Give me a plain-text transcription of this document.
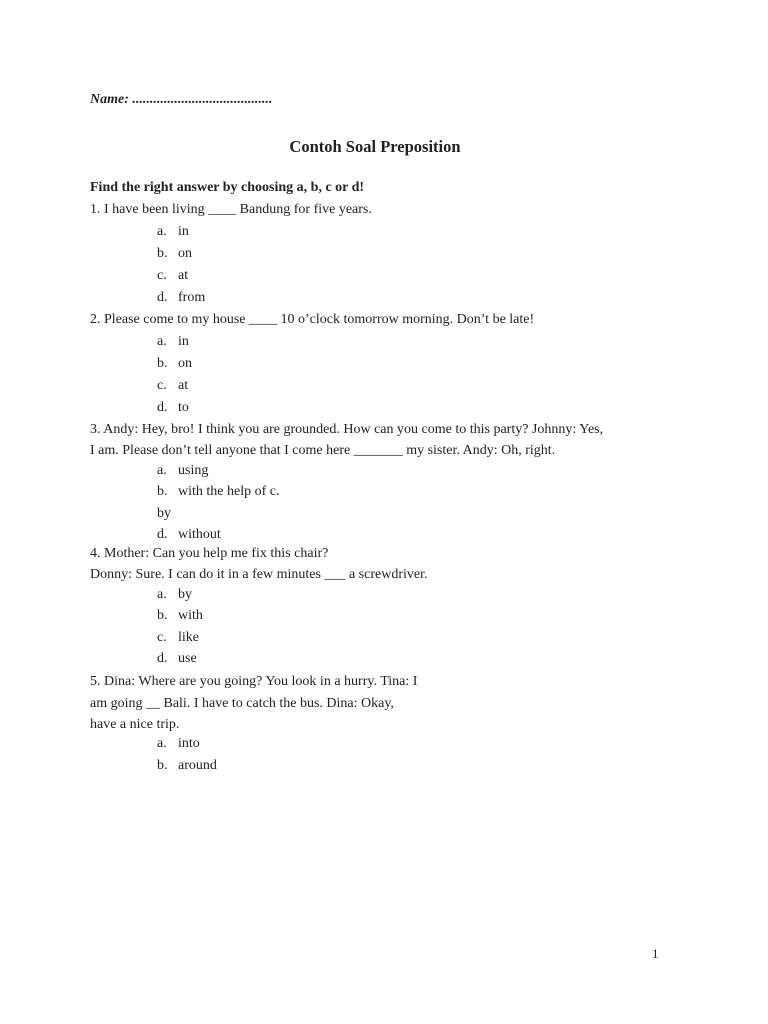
Name: ........................................
Contoh Soal Preposition
Find the right answer by choosing a, b, c or d!
1. I have been living ____ Bandung for five years.
a. in
b. on
c. at
d. from
2. Please come to my house ____ 10 o’clock tomorrow morning. Don’t be late!
a. in
b. on
c. at
d. to
3. Andy: Hey, bro! I think you are grounded. How can you come to this party? Johnny: Yes,
I am. Please don’t tell anyone that I come here _______ my sister. Andy: Oh, right.
a. using
b. with the help of c.
by
d. without
4. Mother: Can you help me fix this chair?
Donny: Sure. I can do it in a few minutes ___ a screwdriver.
a. by
b. with
c. like
d. use
5. Dina: Where are you going? You look in a hurry. Tina: I
am going __ Bali. I have to catch the bus. Dina: Okay,
have a nice trip.
a. into
b. around
1
